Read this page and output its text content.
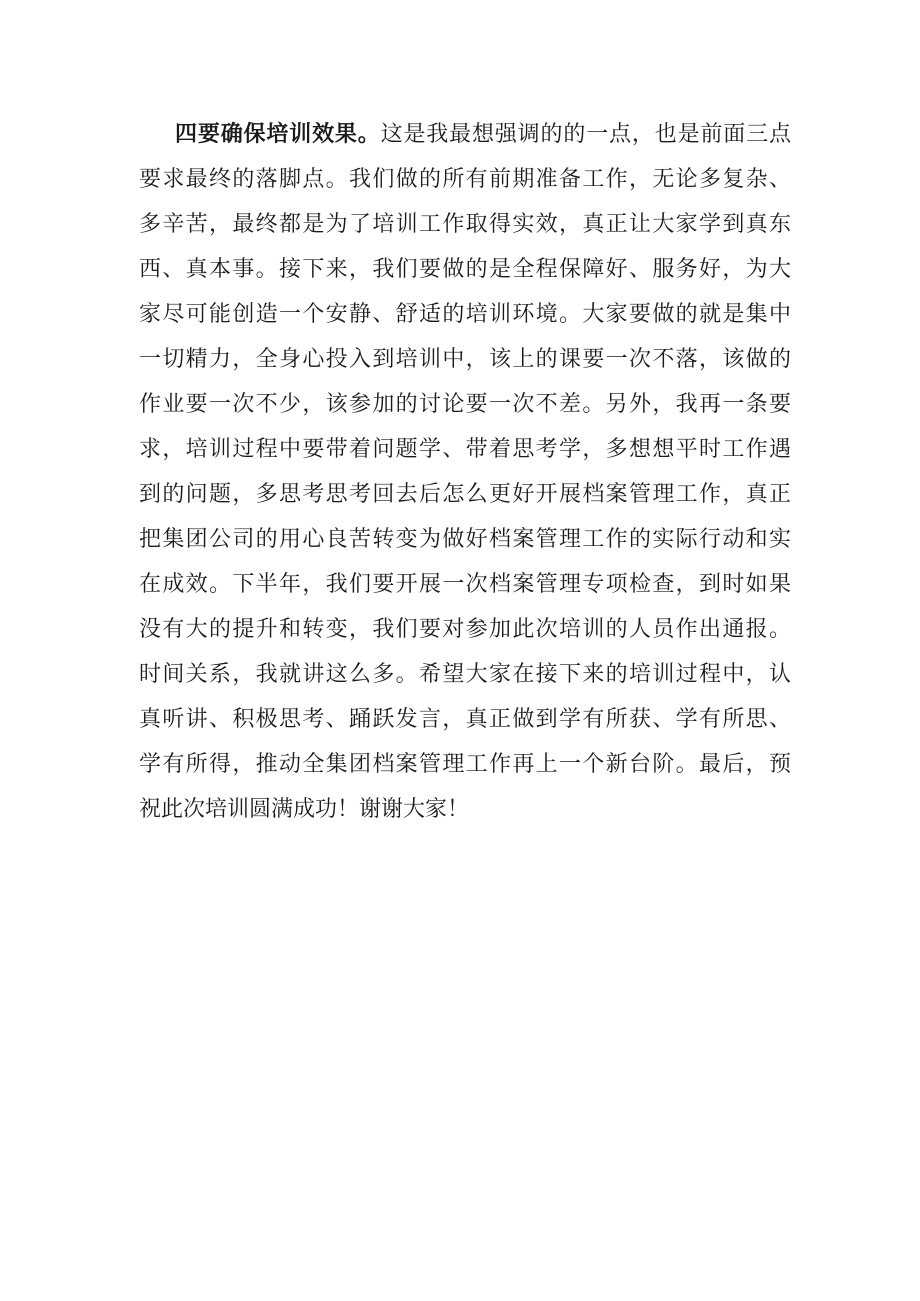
四要确保培训效果。这是我最想强调的的一点，也是前面三点
要求最终的落脚点。我们做的所有前期准备工作，无论多复杂、
多辛苦，最终都是为了培训工作取得实效，真正让大家学到真东
西、真本事。接下来，我们要做的是全程保障好、服务好，为大
家尽可能创造一个安静、舒适的培训环境。大家要做的就是集中
一切精力，全身心投入到培训中，该上的课要一次不落，该做的
作业要一次不少，该参加的讨论要一次不差。另外，我再一条要
求，培训过程中要带着问题学、带着思考学，多想想平时工作遇
到的问题，多思考思考回去后怎么更好开展档案管理工作，真正
把集团公司的用心良苦转变为做好档案管理工作的实际行动和实
在成效。下半年，我们要开展一次档案管理专项检查，到时如果
没有大的提升和转变，我们要对参加此次培训的人员作出通报。
时间关系，我就讲这么多。希望大家在接下来的培训过程中，认
真听讲、积极思考、踊跃发言，真正做到学有所获、学有所思、
学有所得，推动全集团档案管理工作再上一个新台阶。最后，预
祝此次培训圆满成功！谢谢大家！
